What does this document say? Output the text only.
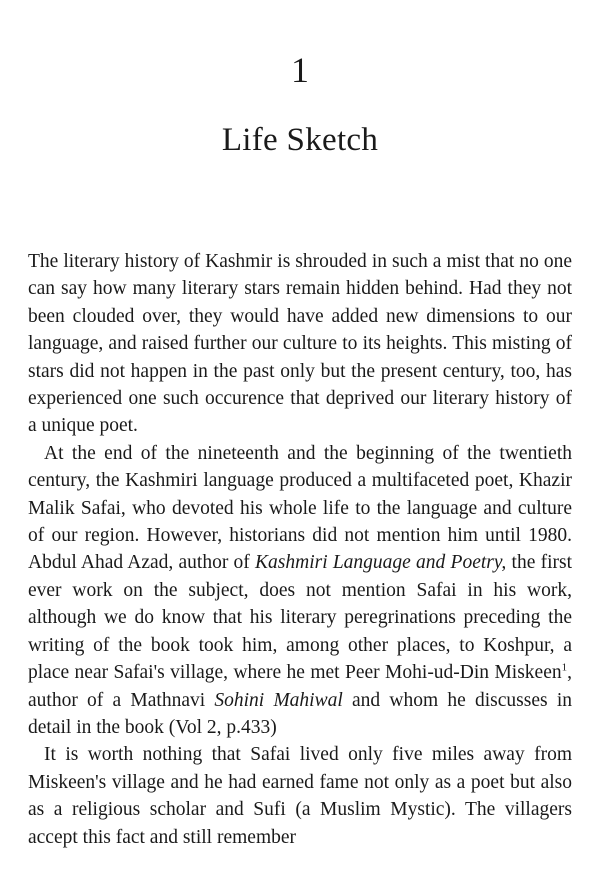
1
Life Sketch

The literary history of Kashmir is shrouded in such a mist that no one can say how many literary stars remain hidden behind. Had they not been clouded over, they would have added new dimensions to our language, and raised further our culture to its heights. This misting of stars did not happen in the past only but the present century, too, has experienced one such occurence that deprived our literary history of a unique poet.

At the end of the nineteenth and the beginning of the twentieth century, the Kashmiri language produced a multifaceted poet, Khazir Malik Safai, who devoted his whole life to the language and culture of our region. However, historians did not mention him until 1980. Abdul Ahad Azad, author of Kashmiri Language and Poetry, the first ever work on the subject, does not mention Safai in his work, although we do know that his literary peregrinations preceding the writing of the book took him, among other places, to Koshpur, a place near Safai's village, where he met Peer Mohi-ud-Din Miskeen$^1$, author of a Mathnavi Sohini Mahiwal and whom he discusses in detail in the book (Vol 2, p.433)

It is worth nothing that Safai lived only five miles away from Miskeen's village and he had earned fame not only as a poet but also as a religious scholar and Sufi (a Muslim Mystic). The villagers accept this fact and still remember
